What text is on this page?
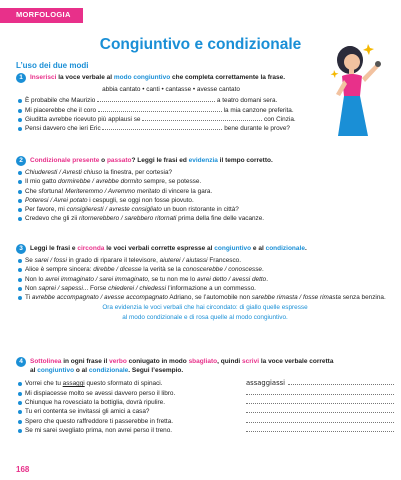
MORFOLOGIA
Congiuntivo e condizionale
L’uso dei due modi
1	Inserisci la voce verbale al modo congiuntivo che completa correttamente la frase.
abbia cantato • canti • cantasse • avesse cantato
È probabile che Maurizio	a teatro domani sera.
Mi piacerebbe che il coro	la mia canzone preferita.
Giuditta avrebbe ricevuto più applausi se	con Cinzia.
Pensi davvero che ieri Eric	bene durante le prove?
2	Condizionale presente o passato? Leggi le frasi ed evidenzia il tempo corretto.
Chiuderesti / Avresti chiuso la finestra, per cortesia?
Il mio gatto dormirebbe / avrebbe dormito sempre, se potesse.
Che sfortuna! Meriteremmo / Avremmo meritato di vincere la gara.
Poteresi / Avrei potato i cespugli, se oggi non fosse piovuto.
Per favore, mi consiglieresti / avreste consigliato un buon ristorante in città?
Credevo che gli zii ritornerebbero / sarebbero ritornati prima della fine delle vacanze.
3	Leggi le frasi e circonda le voci verbali corrette espresse al congiuntivo e al condizionale.
Se sarei / fossi in grado di riparare il televisore, aiuterei / aiutassi Francesco.
Alice è sempre sincera: direbbe / dicesse la verità se la conoscerebbe / conoscesse.
Non lo avrei immaginato / sarei immaginato, se tu non me lo avrei detto / avessi detto.
Non saprei / sapessi... Forse chiederei / chiedessi l’informazione a un commesso.
Ti avrebbe accompagnato / avesse accompagnato Adriano, se l’automobile non sarebbe rimasta / fosse rimasta senza benzina.
Ora evidenzia le voci verbali che hai circondato: di giallo quelle espresse
al modo condizionale e di rosa quelle al modo congiuntivo.
4	Sottolinea in ogni frase il verbo coniugato in modo sbagliato, quindi scrivi la voce verbale corretta
al congiuntivo o al condizionale. Segui l’esempio.
Vorrei che tu assaggi questo sformato di spinaci.	assaggiassi
Mi dispiacesse molto se avessi davvero perso il libro.
Chiunque ha rovesciato la bottiglia, dovrà ripulire.
Tu eri contenta se invitassi gli amici a casa?
Spero che questo raffreddore ti passerebbe in fretta.
Se mi sarei svegliato prima, non avrei perso il treno.
168
